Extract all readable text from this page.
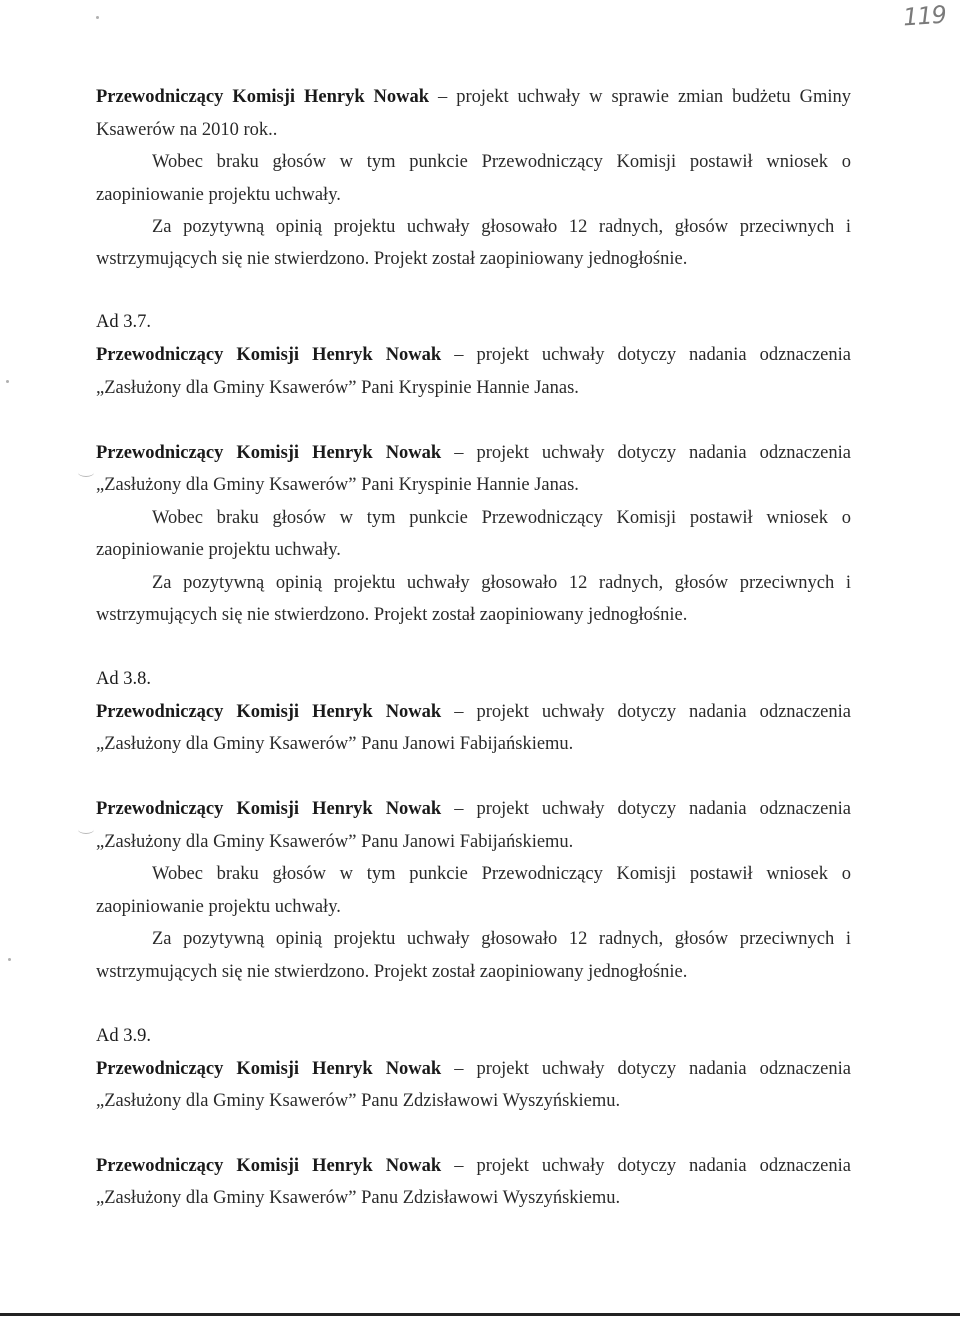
119
Przewodniczący Komisji Henryk Nowak – projekt uchwały w sprawie zmian budżetu Gminy
Ksawerów na 2010 rok..
Wobec braku głosów w tym punkcie Przewodniczący Komisji postawił wniosek o
zaopiniowanie projektu uchwały.
Za pozytywną opinią projektu uchwały głosowało 12 radnych, głosów przeciwnych i
wstrzymujących się nie stwierdzono. Projekt został zaopiniowany jednogłośnie.
Ad 3.7.
Przewodniczący Komisji Henryk Nowak – projekt uchwały dotyczy nadania odznaczenia
„Zasłużony dla Gminy Ksawerów” Pani Kryspinie Hannie Janas.
Przewodniczący Komisji Henryk Nowak – projekt uchwały dotyczy nadania odznaczenia
„Zasłużony dla Gminy Ksawerów” Pani Kryspinie Hannie Janas.
Wobec braku głosów w tym punkcie Przewodniczący Komisji postawił wniosek o
zaopiniowanie projektu uchwały.
Za pozytywną opinią projektu uchwały głosowało 12 radnych, głosów przeciwnych i
wstrzymujących się nie stwierdzono. Projekt został zaopiniowany jednogłośnie.
Ad 3.8.
Przewodniczący Komisji Henryk Nowak – projekt uchwały dotyczy nadania odznaczenia
„Zasłużony dla Gminy Ksawerów” Panu Janowi Fabijańskiemu.
Przewodniczący Komisji Henryk Nowak – projekt uchwały dotyczy nadania odznaczenia
„Zasłużony dla Gminy Ksawerów” Panu Janowi Fabijańskiemu.
Wobec braku głosów w tym punkcie Przewodniczący Komisji postawił wniosek o
zaopiniowanie projektu uchwały.
Za pozytywną opinią projektu uchwały głosowało 12 radnych, głosów przeciwnych i
wstrzymujących się nie stwierdzono. Projekt został zaopiniowany jednogłośnie.
Ad 3.9.
Przewodniczący Komisji Henryk Nowak – projekt uchwały dotyczy nadania odznaczenia
„Zasłużony dla Gminy Ksawerów” Panu Zdzisławowi Wyszyńskiemu.
Przewodniczący Komisji Henryk Nowak – projekt uchwały dotyczy nadania odznaczenia
„Zasłużony dla Gminy Ksawerów” Panu Zdzisławowi Wyszyńskiemu.
